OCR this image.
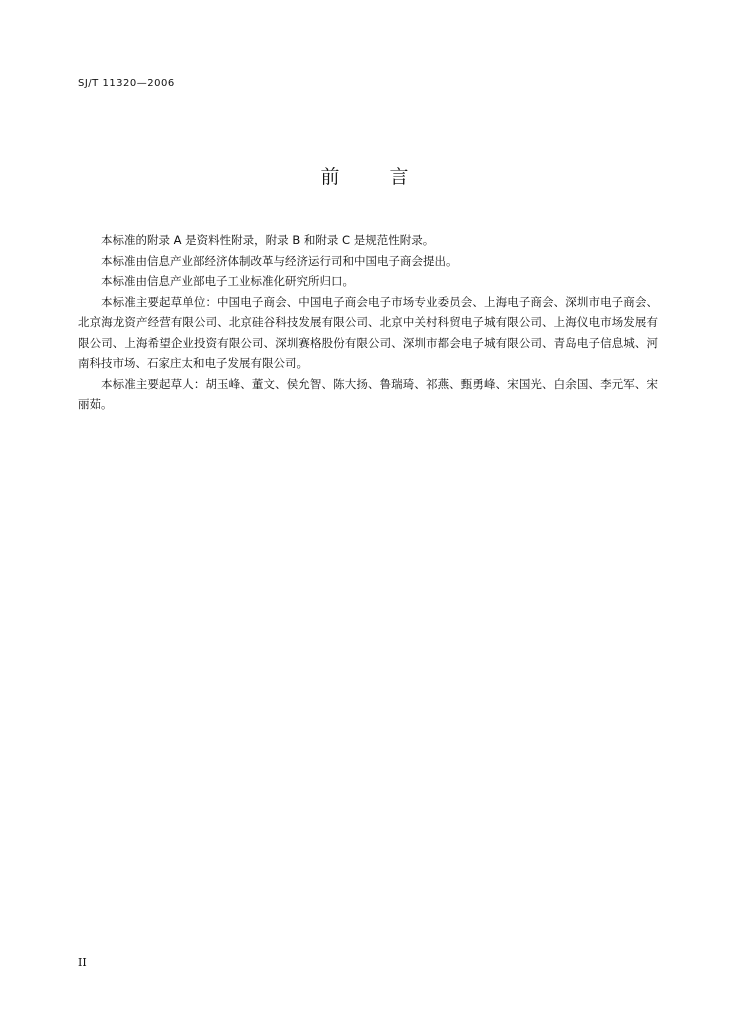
SJ/T 11320—2006
前言

本标准的附录 A 是资料性附录，附录 B 和附录 C 是规范性附录。

本标准由信息产业部经济体制改革与经济运行司和中国电子商会提出。

本标准由信息产业部电子工业标准化研究所归口。

本标准主要起草单位：中国电子商会、中国电子商会电子市场专业委员会、上海电子商会、深圳市电子商会、北京海龙资产经营有限公司、北京硅谷科技发展有限公司、北京中关村科贸电子城有限公司、上海仪电市场发展有限公司、上海希望企业投资有限公司、深圳赛格股份有限公司、深圳市都会电子城有限公司、青岛电子信息城、河南科技市场、石家庄太和电子发展有限公司。

本标准主要起草人：胡玉峰、董文、侯允智、陈大扬、鲁瑞琦、祁燕、甄勇峰、宋国光、白余国、李元军、宋丽茹。

II
